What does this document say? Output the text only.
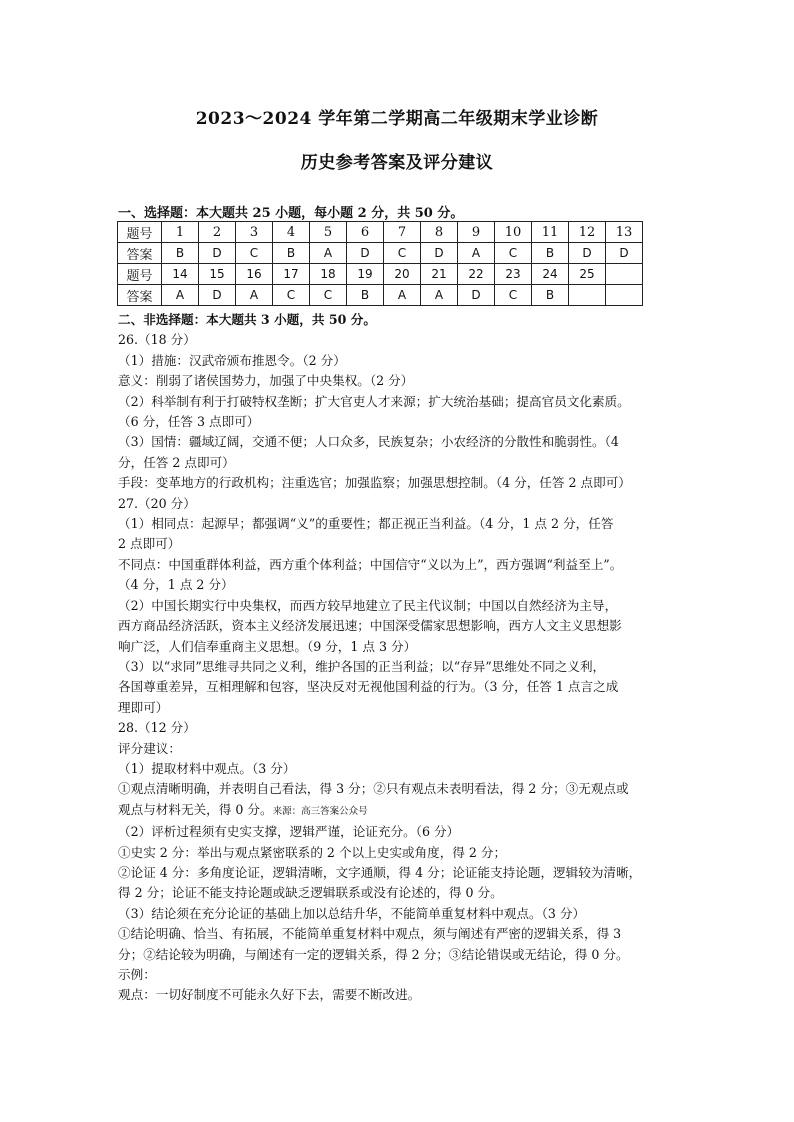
2023～2024 学年第二学期高二年级期末学业诊断
历史参考答案及评分建议
一、选择题：本大题共 25 小题，每小题 2 分，共 50 分。
题号	1	2	3	4	5	6	7	8	9	10	11	12	13
答案	B	D	C	B	A	D	C	D	A	C	B	D	D
题号	14	15	16	17	18	19	20	21	22	23	24	25	
答案	A	D	A	C	C	B	A	A	D	C	B		

二、非选择题：本大题共 3 小题，共 50 分。

26.（18 分）

（1）措施：汉武帝颁布推恩令。（2 分）

意义：削弱了诸侯国势力，加强了中央集权。（2 分）

（2）科举制有利于打破特权垄断；扩大官吏人才来源；扩大统治基础；提高官员文化素质。

（6 分，任答 3 点即可）

（3）国情：疆域辽阔，交通不便；人口众多，民族复杂；小农经济的分散性和脆弱性。（4

分，任答 2 点即可）

手段：变革地方的行政机构；注重选官；加强监察；加强思想控制。（4 分，任答 2 点即可）

27.（20 分）

（1）相同点：起源早；都强调“义”的重要性；都正视正当利益。（4 分，1 点 2 分，任答

2 点即可）

不同点：中国重群体利益，西方重个体利益；中国信守“义以为上”，西方强调“利益至上”。

（4 分，1 点 2 分）

（2）中国长期实行中央集权，而西方较早地建立了民主代议制；中国以自然经济为主导，

西方商品经济活跃，资本主义经济发展迅速；中国深受儒家思想影响，西方人文主义思想影

响广泛，人们信奉重商主义思想。（9 分，1 点 3 分）

（3）以“求同”思维寻共同之义利，维护各国的正当利益；以“存异”思维处不同之义利，

各国尊重差异，互相理解和包容，坚决反对无视他国利益的行为。（3 分，任答 1 点言之成

理即可）

28.（12 分）

评分建议：

（1）提取材料中观点。（3 分）

①观点清晰明确，并表明自己看法，得 3 分；②只有观点未表明看法，得 2 分；③无观点或

观点与材料无关，得 0 分。来源：高三答案公众号

（2）评析过程须有史实支撑，逻辑严谨，论证充分。（6 分）

①史实 2 分：举出与观点紧密联系的 2 个以上史实或角度，得 2 分；

②论证 4 分：多角度论证，逻辑清晰，文字通顺，得 4 分；论证能支持论题，逻辑较为清晰，

得 2 分；论证不能支持论题或缺乏逻辑联系或没有论述的，得 0 分。

（3）结论须在充分论证的基础上加以总结升华，不能简单重复材料中观点。（3 分）

①结论明确、恰当、有拓展，不能简单重复材料中观点，须与阐述有严密的逻辑关系，得 3

分；②结论较为明确，与阐述有一定的逻辑关系，得 2 分；③结论错误或无结论，得 0 分。

示例：

观点：一切好制度不可能永久好下去，需要不断改进。
